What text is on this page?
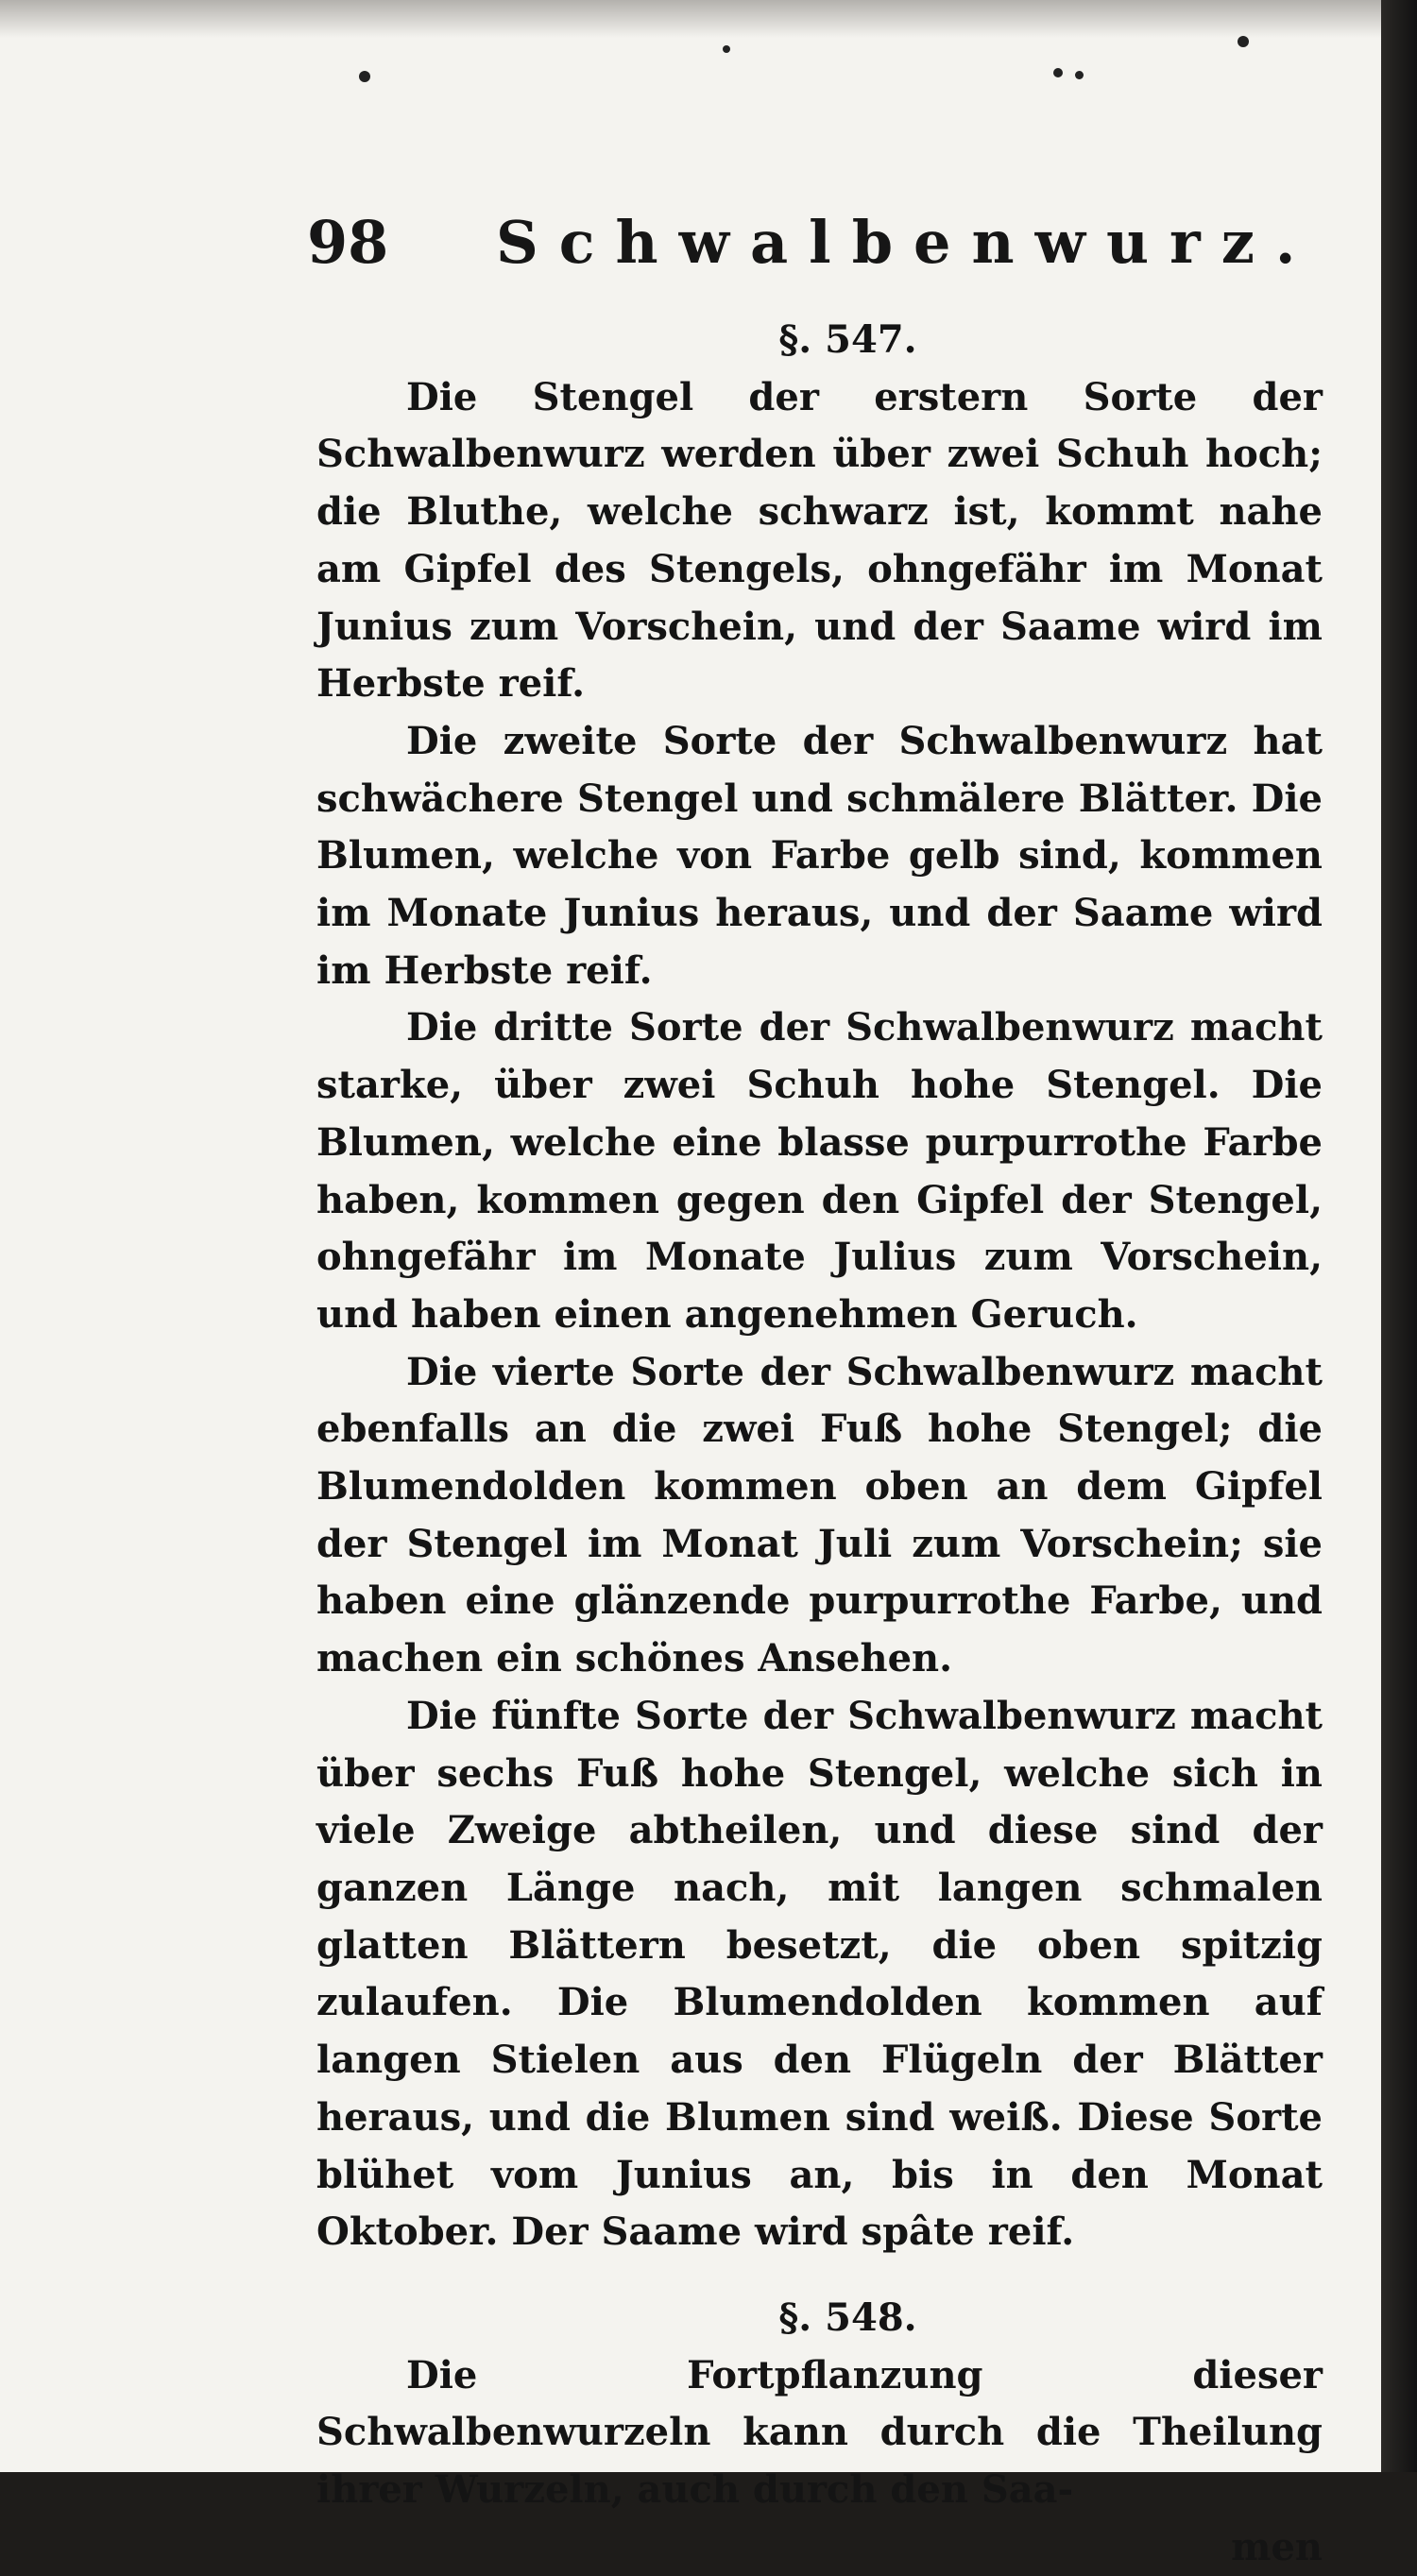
98 Schwalbenwurz.

§. 547.

Die Stengel der erstern Sorte der Schwalbenwurz werden über zwei Schuh hoch; die Bluthe, welche schwarz ist, kommt nahe am Gipfel des Stengels, ohngefähr im Monat Junius zum Vorschein, und der Saame wird im Herbste reif.

Die zweite Sorte der Schwalbenwurz hat schwächere Stengel und schmälere Blätter. Die Blumen, welche von Farbe gelb sind, kommen im Monate Junius heraus, und der Saame wird im Herbste reif.

Die dritte Sorte der Schwalbenwurz macht starke, über zwei Schuh hohe Stengel. Die Blumen, welche eine blasse purpurrothe Farbe haben, kommen gegen den Gipfel der Stengel, ohngefähr im Monate Julius zum Vorschein, und haben einen angenehmen Geruch.

Die vierte Sorte der Schwalbenwurz macht ebenfalls an die zwei Fuß hohe Stengel; die Blumendolden kommen oben an dem Gipfel der Stengel im Monat Juli zum Vorschein; sie haben eine glänzende purpurrothe Farbe, und machen ein schönes Ansehen.

Die fünfte Sorte der Schwalbenwurz macht über sechs Fuß hohe Stengel, welche sich in viele Zweige abtheilen, und diese sind der ganzen Länge nach, mit langen schmalen glatten Blättern besetzt, die oben spitzig zulaufen. Die Blumendolden kommen auf langen Stielen aus den Flügeln der Blätter heraus, und die Blumen sind weiß. Diese Sorte blühet vom Junius an, bis in den Monat Oktober. Der Saame wird spâte reif.

§. 548.

Die Fortpflanzung dieser Schwalbenwurzeln kann durch die Theilung ihrer Wurzeln, auch durch den Saa-

men
